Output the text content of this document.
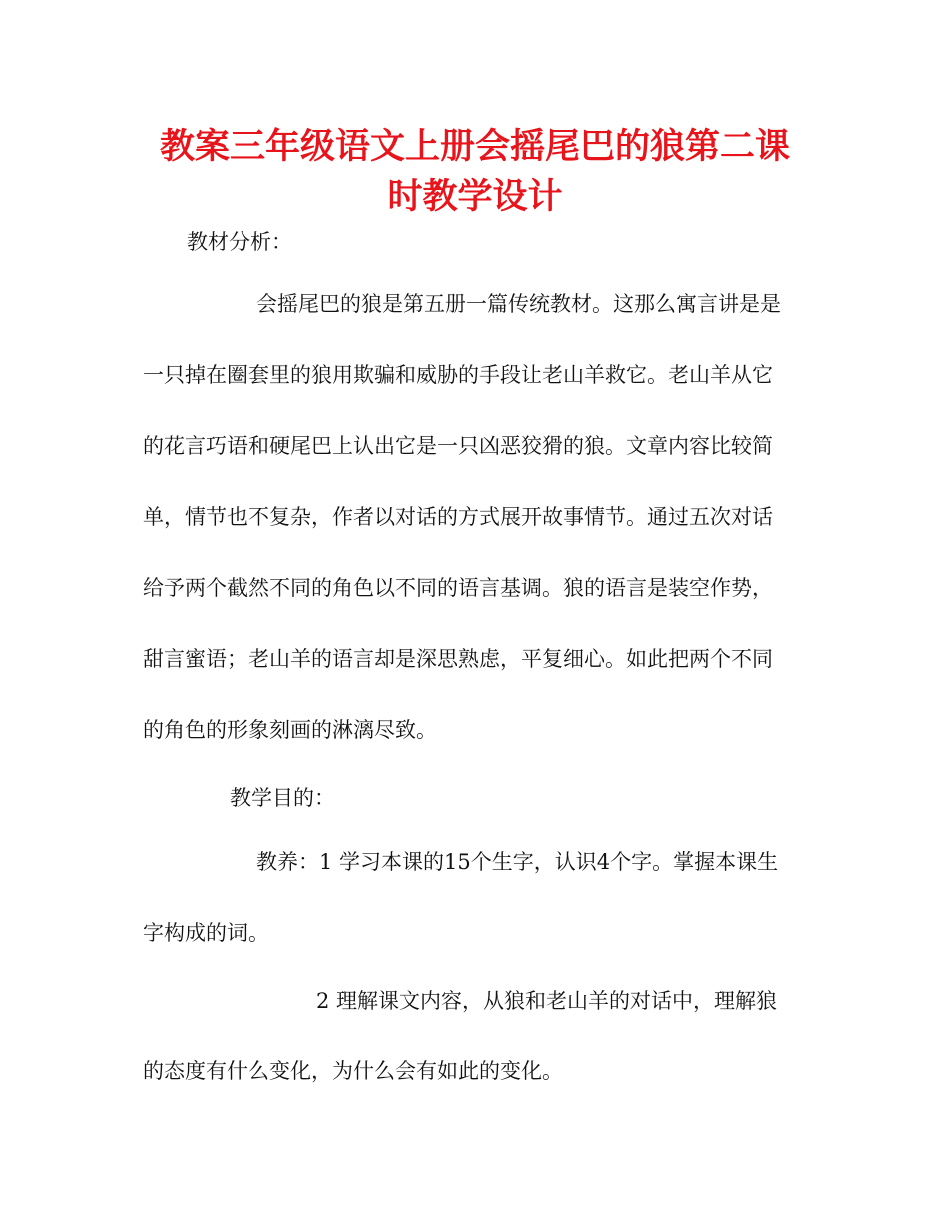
教案三年级语文上册会摇尾巴的狼第二课
时教学设计

教材分析：

会摇尾巴的狼是第五册一篇传统教材。这那么寓言讲是是

一只掉在圈套里的狼用欺骗和威胁的手段让老山羊救它。老山羊从它

的花言巧语和硬尾巴上认出它是一只凶恶狡猾的狼。文章内容比较简

单，情节也不复杂，作者以对话的方式展开故事情节。通过五次对话

给予两个截然不同的角色以不同的语言基调。狼的语言是装空作势，

甜言蜜语；老山羊的语言却是深思熟虑，平复细心。如此把两个不同

的角色的形象刻画的淋漓尽致。

教学目的：

教养：1 学习本课的15个生字，认识4个字。掌握本课生

字构成的词。

2 理解课文内容，从狼和老山羊的对话中，理解狼

的态度有什么变化，为什么会有如此的变化。
